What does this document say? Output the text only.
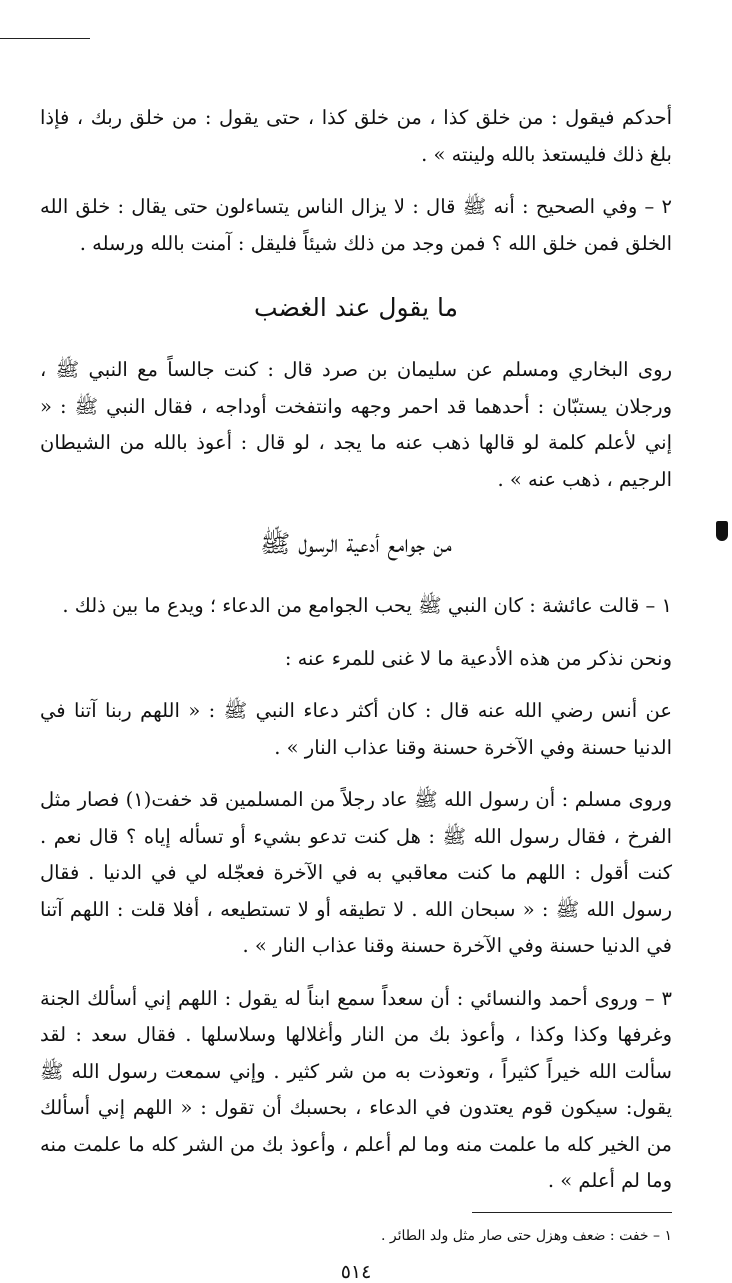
أحدكم فيقول : من خلق كذا ، من خلق كذا ، حتى يقول : من خلق ربك ، فإذا بلغ ذلك فليستعذ بالله ولينته » .

٢ – وفي الصحيح : أنه ﷺ قال : لا يزال الناس يتساءلون حتى يقال : خلق الله الخلق فمن خلق الله ؟ فمن وجد من ذلك شيئاً فليقل : آمنت بالله ورسله .

ما يقول عند الغضب

روى البخاري ومسلم عن سليمان بن صرد قال : كنت جالساً مع النبي ﷺ ، ورجلان يستبّان : أحدهما قد احمر وجهه وانتفخت أوداجه ، فقال النبي ﷺ : « إني لأعلم كلمة لو قالها ذهب عنه ما يجد ، لو قال : أعوذ بالله من الشيطان الرجيم ، ذهب عنه » .

من جوامع أدعية الرسول ﷺ

١ – قالت عائشة : كان النبي ﷺ يحب الجوامع من الدعاء ؛ ويدع ما بين ذلك .

ونحن نذكر من هذه الأدعية ما لا غنى للمرء عنه :

عن أنس رضي الله عنه قال : كان أكثر دعاء النبي ﷺ : « اللهم ربنا آتنا في الدنيا حسنة وفي الآخرة حسنة وقنا عذاب النار » .

وروى مسلم : أن رسول الله ﷺ عاد رجلاً من المسلمين قد خفت(١) فصار مثل الفرخ ، فقال رسول الله ﷺ : هل كنت تدعو بشيء أو تسأله إياه ؟ قال نعم . كنت أقول : اللهم ما كنت معاقبي به في الآخرة فعجّله لي في الدنيا . فقال رسول الله ﷺ : « سبحان الله . لا تطيقه أو لا تستطيعه ، أفلا قلت : اللهم آتنا في الدنيا حسنة وفي الآخرة حسنة وقنا عذاب النار » .

٣ – وروى أحمد والنسائي : أن سعداً سمع ابناً له يقول : اللهم إني أسألك الجنة وغرفها وكذا وكذا ، وأعوذ بك من النار وأغلالها وسلاسلها . فقال سعد : لقد سألت الله خيراً كثيراً ، وتعوذت به من شر كثير . وإني سمعت رسول الله ﷺ يقول: سيكون قوم يعتدون في الدعاء ، بحسبك أن تقول : « اللهم إني أسألك من الخير كله ما علمت منه وما لم أعلم ، وأعوذ بك من الشر كله ما علمت منه وما لم أعلم » .

١ – خفت : ضعف وهزل حتى صار مثل ولد الطائر .

٥١٤
